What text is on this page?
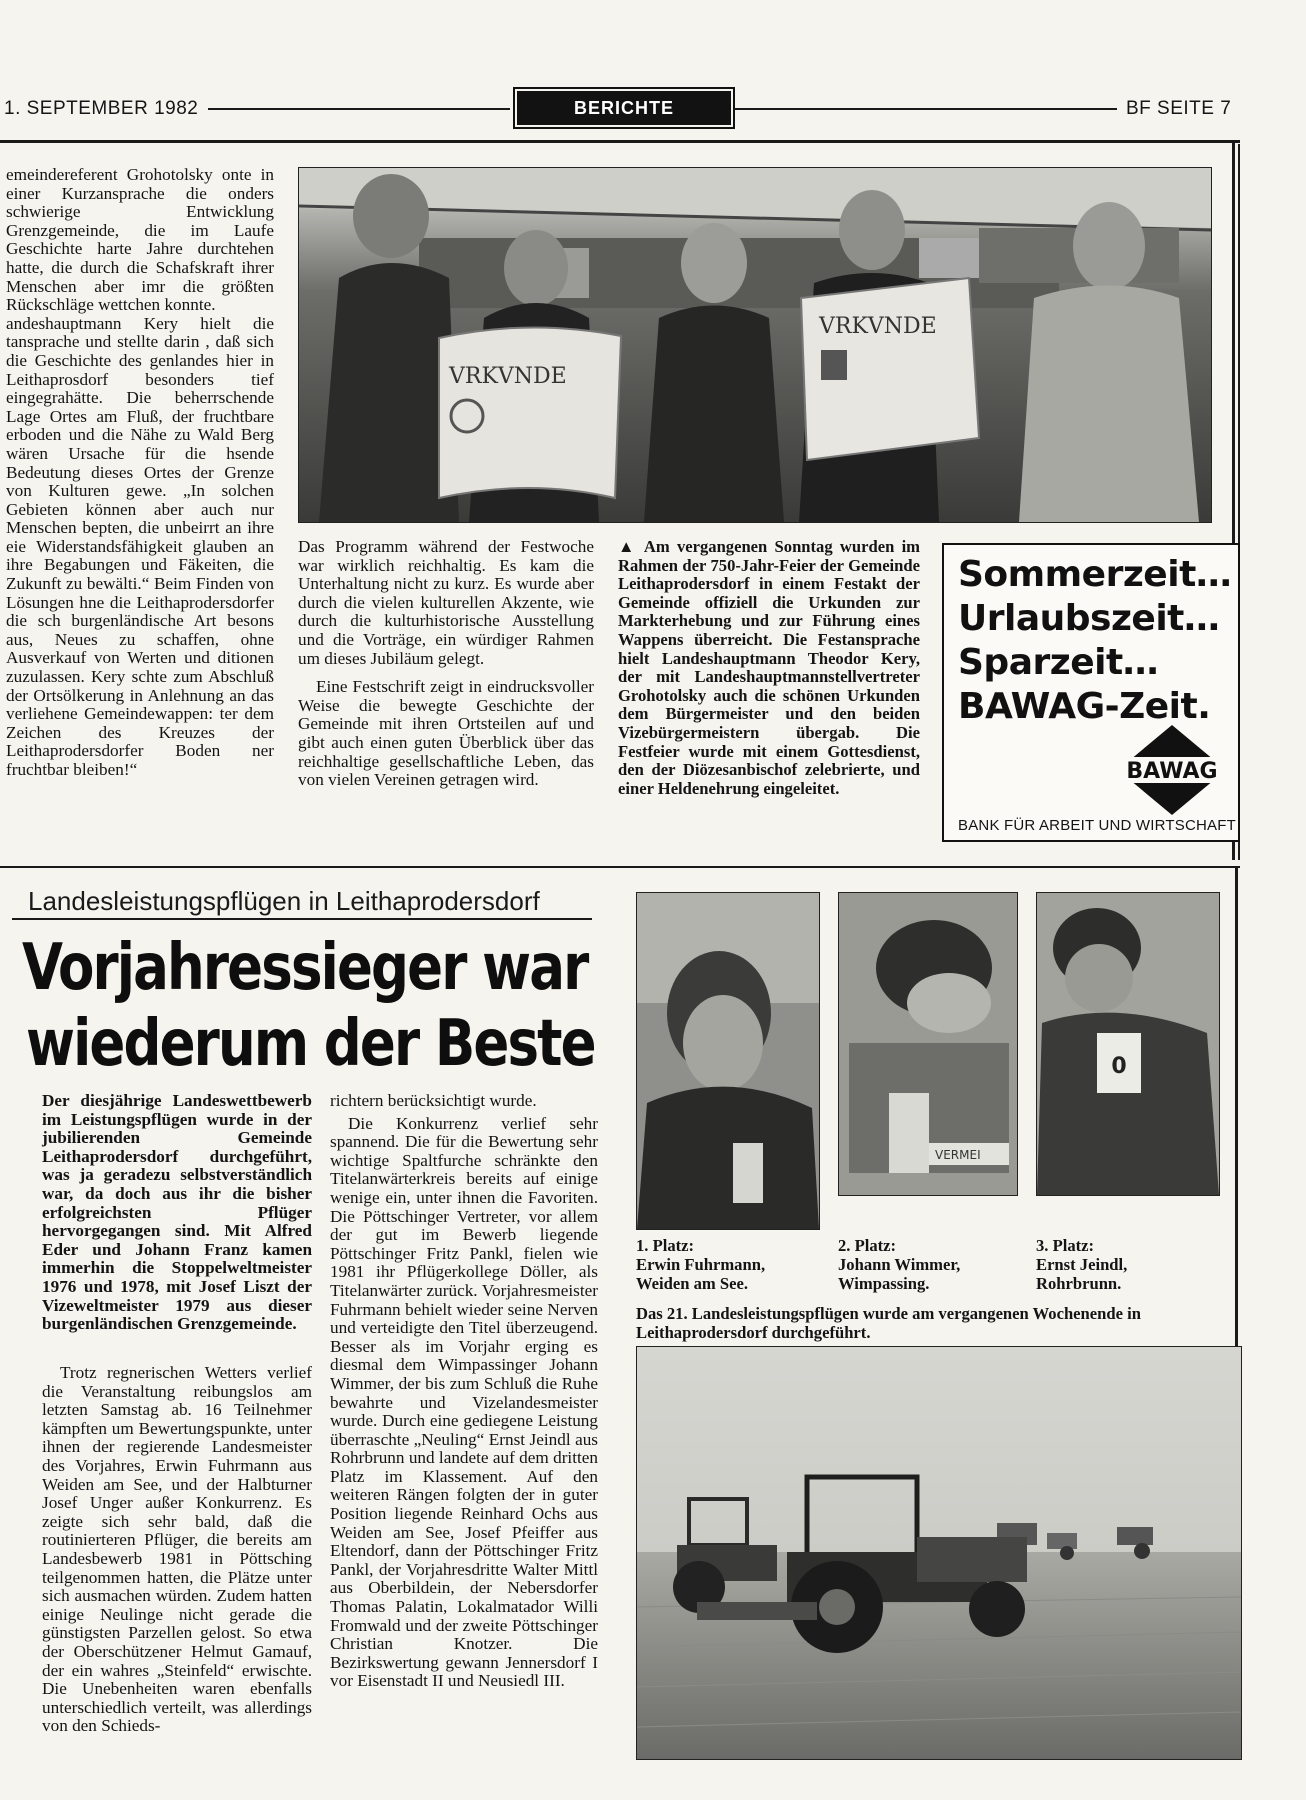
1. SEPTEMBER 1982	BERICHTE	BF SEITE 7

emeindereferent Grohotolsky onte in einer Kurzansprache die onders schwierige Entwicklung Grenzgemeinde, die im Laufe Geschichte harte Jahre durchtehen hatte, die durch die Schafskraft ihrer Menschen aber imr die größten Rückschläge wettchen konnte.

andeshauptmann Kery hielt die tansprache und stellte darin , daß sich die Geschichte des genlandes hier in Leithaprosdorf besonders tief eingegrahätte. Die beherrschende Lage Ortes am Fluß, der fruchtbare erboden und die Nähe zu Wald Berg wären Ursache für die hsende Bedeutung dieses Ortes der Grenze von Kulturen gewe. „In solchen Gebieten können aber auch nur Menschen bepten, die unbeirrt an ihre eie Widerstandsfähigkeit glauben an ihre Begabungen und Fäkeiten, die Zukunft zu bewälti.“ Beim Finden von Lösungen hne die Leithaprodersdorfer die sch burgenländische Art besons aus, Neues zu schaffen, ohne Ausverkauf von Werten und ditionen zuzulassen. Kery schte zum Abschluß der Ortsölkerung in Anlehnung an das verliehene Gemeindewappen: ter dem Zeichen des Kreuzes der Leithaprodersdorfer Boden ner fruchtbar bleiben!“

VRKVNDE
VRKVNDE

Das Programm während der Festwoche war wirklich reichhaltig. Es kam die Unterhaltung nicht zu kurz. Es wurde aber durch die vielen kulturellen Akzente, wie durch die kulturhistorische Ausstellung und die Vorträge, ein würdiger Rahmen um dieses Jubiläum gelegt.

Eine Festschrift zeigt in eindrucksvoller Weise die bewegte Geschichte der Gemeinde mit ihren Ortsteilen auf und gibt auch einen guten Überblick über das reichhaltige gesellschaftliche Leben, das von vielen Vereinen getragen wird.

▲ Am vergangenen Sonntag wurden im Rahmen der 750-Jahr-Feier der Gemeinde Leithaprodersdorf in einem Festakt der Gemeinde offiziell die Urkunden zur Markterhebung und zur Führung eines Wappens überreicht. Die Festansprache hielt Landeshauptmann Theodor Kery, der mit Landeshauptmannstellvertreter Grohotolsky auch die schönen Urkunden dem Bürgermeister und den beiden Vizebürgermeistern übergab. Die Festfeier wurde mit einem Gottesdienst, den der Diözesanbischof zelebrierte, und einer Heldenehrung eingeleitet.

Sommerzeit…
Urlaubszeit…
Sparzeit…
BAWAG-Zeit.
BAWAG
BANK FÜR ARBEIT UND WIRTSCHAFT
Landesleistungspflügen in Leithaprodersdorf
Vorjahressieger war
wiederum der Beste

Der diesjährige Landeswettbewerb im Leistungspflügen wurde in der jubilierenden Gemeinde Leithaprodersdorf durchgeführt, was ja geradezu selbstverständlich war, da doch aus ihr die bisher erfolgreichsten Pflüger hervorgegangen sind. Mit Alfred Eder und Johann Franz kamen immerhin die Stoppelweltmeister 1976 und 1978, mit Josef Liszt der Vizeweltmeister 1979 aus dieser burgenländischen Grenzgemeinde.

Trotz regnerischen Wetters verlief die Veranstaltung reibungslos am letzten Samstag ab. 16 Teilnehmer kämpften um Bewertungspunkte, unter ihnen der regierende Landesmeister des Vorjahres, Erwin Fuhrmann aus Weiden am See, und der Halbturner Josef Unger außer Konkurrenz. Es zeigte sich sehr bald, daß die routinierteren Pflüger, die bereits am Landesbewerb 1981 in Pöttsching teilgenommen hatten, die Plätze unter sich ausmachen würden. Zudem hatten einige Neulinge nicht gerade die günstigsten Parzellen gelost. So etwa der Oberschützener Helmut Gamauf, der ein wahres „Steinfeld“ erwischte. Die Unebenheiten waren ebenfalls unterschiedlich verteilt, was allerdings von den Schieds-

richtern berücksichtigt wurde.

Die Konkurrenz verlief sehr spannend. Die für die Bewertung sehr wichtige Spaltfurche schränkte den Titelanwärterkreis bereits auf einige wenige ein, unter ihnen die Favoriten. Die Pöttschinger Vertreter, vor allem der gut im Bewerb liegende Pöttschinger Fritz Pankl, fielen wie 1981 ihr Pflügerkollege Döller, als Titelanwärter zurück. Vorjahresmeister Fuhrmann behielt wieder seine Nerven und verteidigte den Titel überzeugend. Besser als im Vorjahr erging es diesmal dem Wimpassinger Johann Wimmer, der bis zum Schluß die Ruhe bewahrte und Vizelandesmeister wurde. Durch eine gediegene Leistung überraschte „Neuling“ Ernst Jeindl aus Rohrbrunn und landete auf dem dritten Platz im Klassement. Auf den weiteren Rängen folgten der in guter Position liegende Reinhard Ochs aus Weiden am See, Josef Pfeiffer aus Eltendorf, dann der Pöttschinger Fritz Pankl, der Vorjahresdritte Walter Mittl aus Oberbildein, der Nebersdorfer Thomas Palatin, Lokalmatador Willi Fromwald und der zweite Pöttschinger Christian Knotzer. Die Bezirkswertung gewann Jennersdorf I vor Eisenstadt II und Neusiedl III.

VERMEI
0
1. Platz:
Erwin Fuhrmann,
Weiden am See.
2. Platz:
Johann Wimmer,
Wimpassing.
3. Platz:
Ernst Jeindl,
Rohrbrunn.
Das 21. Landesleistungspflügen wurde am vergangenen Wochenende in Leithaprodersdorf durchgeführt.
